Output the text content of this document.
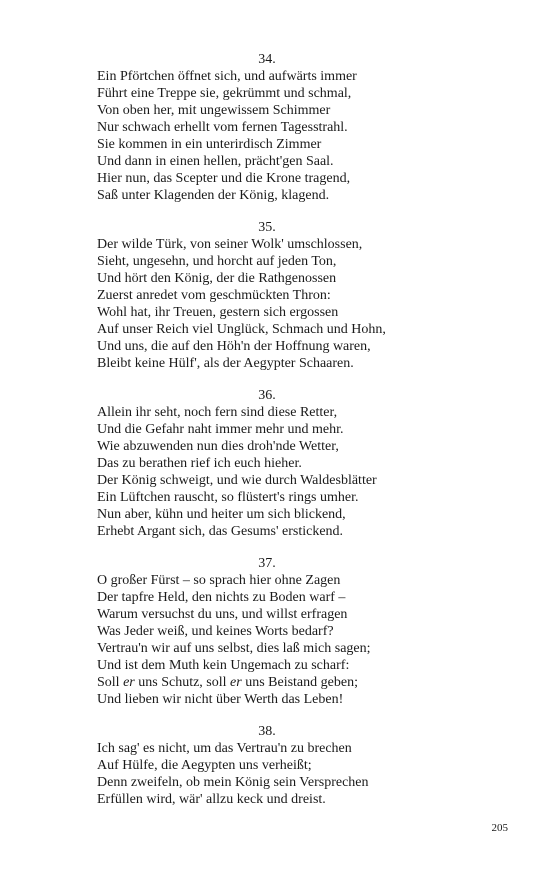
34.
Ein Pförtchen öffnet sich, und aufwärts immer
Führt eine Treppe sie, gekrümmt und schmal,
Von oben her, mit ungewissem Schimmer
Nur schwach erhellt vom fernen Tagesstrahl.
Sie kommen in ein unterirdisch Zimmer
Und dann in einen hellen, prächt'gen Saal.
Hier nun, das Scepter und die Krone tragend,
Saß unter Klagenden der König, klagend.
35.
Der wilde Türk, von seiner Wolk' umschlossen,
Sieht, ungesehn, und horcht auf jeden Ton,
Und hört den König, der die Rathgenossen
Zuerst anredet vom geschmückten Thron:
Wohl hat, ihr Treuen, gestern sich ergossen
Auf unser Reich viel Unglück, Schmach und Hohn,
Und uns, die auf den Höh'n der Hoffnung waren,
Bleibt keine Hülf', als der Aegypter Schaaren.
36.
Allein ihr seht, noch fern sind diese Retter,
Und die Gefahr naht immer mehr und mehr.
Wie abzuwenden nun dies droh'nde Wetter,
Das zu berathen rief ich euch hieher.
Der König schweigt, und wie durch Waldesblätter
Ein Lüftchen rauscht, so flüstert's rings umher.
Nun aber, kühn und heiter um sich blickend,
Erhebt Argant sich, das Gesums' erstickend.
37.
O großer Fürst – so sprach hier ohne Zagen
Der tapfre Held, den nichts zu Boden warf –
Warum versuchst du uns, und willst erfragen
Was Jeder weiß, und keines Worts bedarf?
Vertrau'n wir auf uns selbst, dies laß mich sagen;
Und ist dem Muth kein Ungemach zu scharf:
Soll er uns Schutz, soll er uns Beistand geben;
Und lieben wir nicht über Werth das Leben!
38.
Ich sag' es nicht, um das Vertrau'n zu brechen
Auf Hülfe, die Aegypten uns verheißt;
Denn zweifeln, ob mein König sein Versprechen
Erfüllen wird, wär' allzu keck und dreist.
205
